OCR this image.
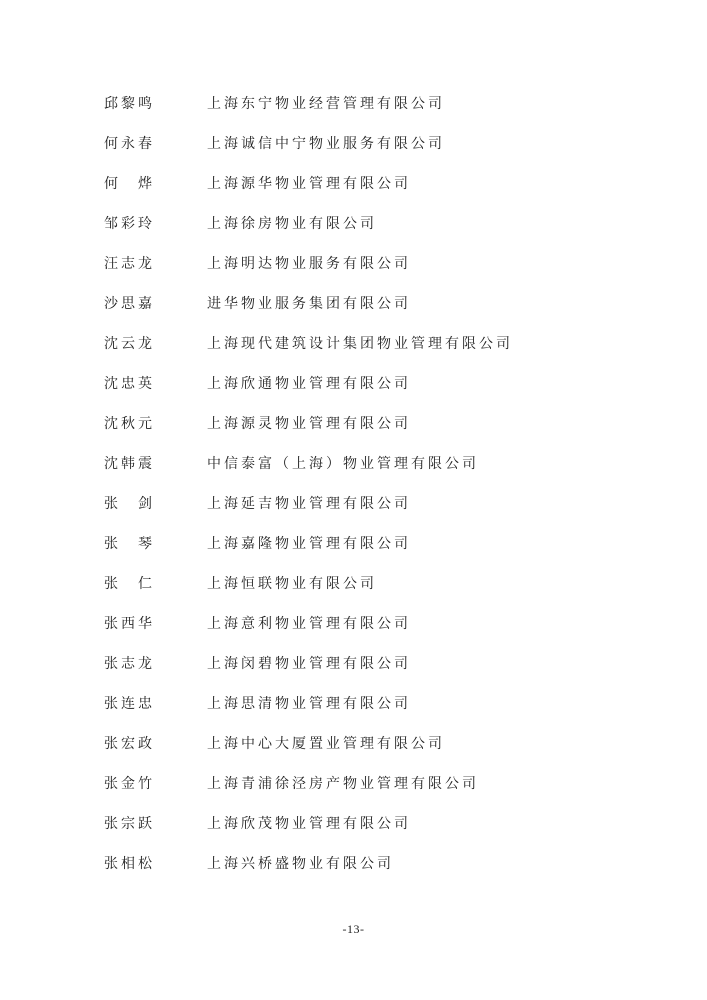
邱黎鸣	上海东宁物业经营管理有限公司
何永春	上海诚信中宁物业服务有限公司
何　烨	上海源华物业管理有限公司
邹彩玲	上海徐房物业有限公司
汪志龙	上海明达物业服务有限公司
沙思嘉	进华物业服务集团有限公司
沈云龙	上海现代建筑设计集团物业管理有限公司
沈忠英	上海欣通物业管理有限公司
沈秋元	上海源灵物业管理有限公司
沈韩震	中信泰富（上海）物业管理有限公司
张　剑	上海延吉物业管理有限公司
张　琴	上海嘉隆物业管理有限公司
张　仁	上海恒联物业有限公司
张西华	上海意利物业管理有限公司
张志龙	上海闵碧物业管理有限公司
张连忠	上海思清物业管理有限公司
张宏政	上海中心大厦置业管理有限公司
张金竹	上海青浦徐泾房产物业管理有限公司
张宗跃	上海欣茂物业管理有限公司
张相松	上海兴桥盛物业有限公司
-13-
